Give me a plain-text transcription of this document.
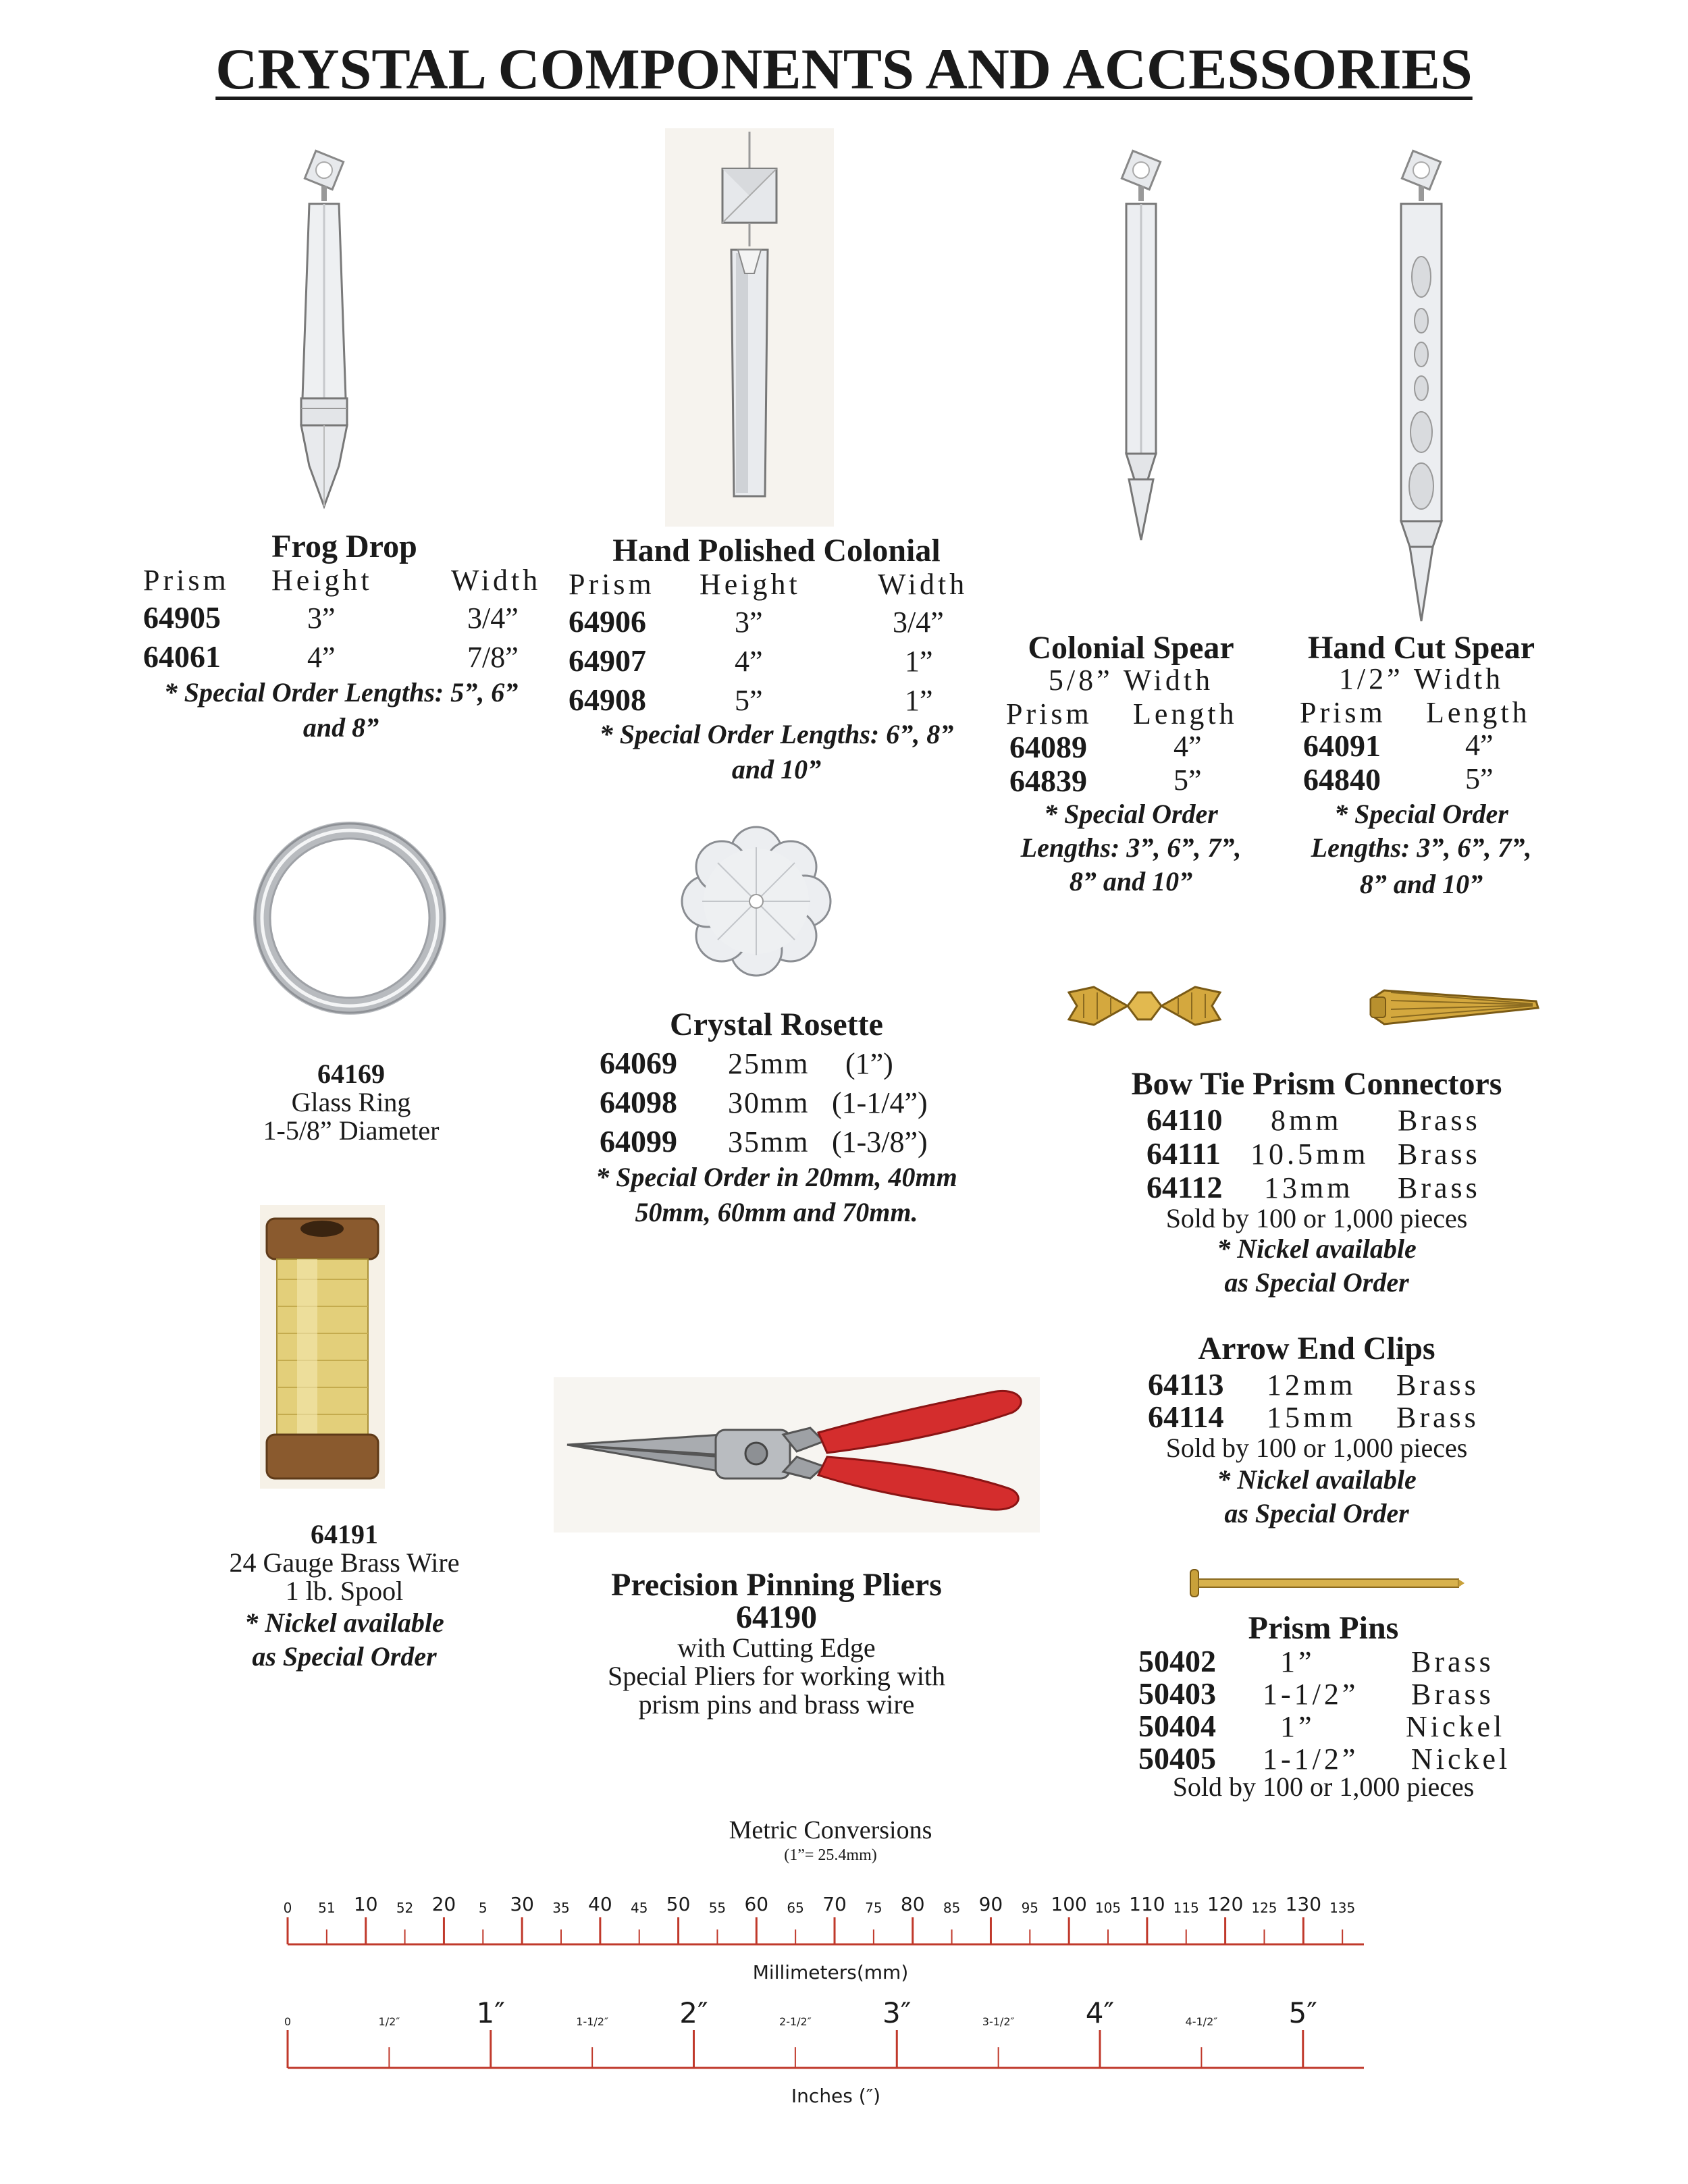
CRYSTAL COMPONENTS AND ACCESSORIES
Frog Drop
Prism Height	Width
64905	3”	3/4”
64061	4”	7/8”
* Special Order Lengths: 5”, 6”
and 8”
Hand Polished Colonial
Prism Height	Width
64906	3”	3/4”
64907	4”	1”
64908	5”	1”
* Special Order Lengths: 6”, 8”
and 10”
Colonial Spear
5/8” Width
Prism Length
64089	4”
64839	5”
* Special Order
Lengths: 3”, 6”, 7”,
8” and 10”
Hand Cut Spear
1/2” Width
Prism Length
64091	4”
64840	5”
* Special Order
Lengths: 3”, 6”, 7”,
8” and 10”
64169
Glass Ring
1-5/8” Diameter
Crystal Rosette
64069 25mm (1”)
64098 30mm (1-1/4”)
64099 35mm (1-3/8”)
* Special Order in 20mm, 40mm
50mm, 60mm and 70mm.
Bow Tie Prism Connectors
64110 8mm Brass
64111 10.5mm Brass
64112 13mm Brass
Sold by 100 or 1,000 pieces
* Nickel available
as Special Order
Arrow End Clips
64113 12mm Brass
64114 15mm Brass
Sold by 100 or 1,000 pieces
* Nickel available
as Special Order
64191
24 Gauge Brass Wire
1 lb. Spool
* Nickel available
as Special Order
Precision Pinning Pliers
64190
with Cutting Edge
Special Pliers for working with
prism pins and brass wire
Prism Pins
50402 1”	Brass
50403 1-1/2” Brass
50404 1”	Nickel
50405 1-1/2” Nickel
Sold by 100 or 1,000 pieces
Metric Conversions
(1”= 25.4mm)
0 51 10 52 20 5 30 35 40 45 50 55 60 65 70 75 80 85 90 95 100 105 110 115 120 125 130 135
Millimeters(mm)
0	1/2″	1″	1-1/2″	2″	2-1/2″	3″	3-1/2″	4″	4-1/2″	5″
Inches (″)
